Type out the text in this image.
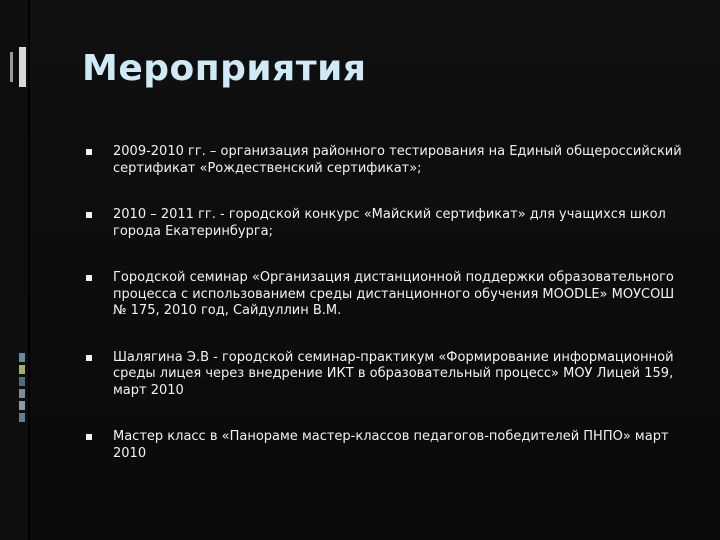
Мероприятия
2009-2010 гг. – организация районного тестирования на Единый общероссийский сертификат «Рождественский сертификат»;
2010 – 2011 гг. - городской конкурс «Майский сертификат» для учащихся школ города Екатеринбурга;
Городской семинар «Организация дистанционной поддержки образовательного процесса с использованием среды дистанционного обучения MOODLE» МОУСОШ № 175, 2010 год, Сайдуллин В.М.
Шалягина Э.В - городской семинар-практикум «Формирование информационной среды лицея через внедрение ИКТ в образовательный процесс» МОУ Лицей 159, март 2010
Мастер класс в «Панораме мастер-классов педагогов-победителей ПНПО» март 2010
